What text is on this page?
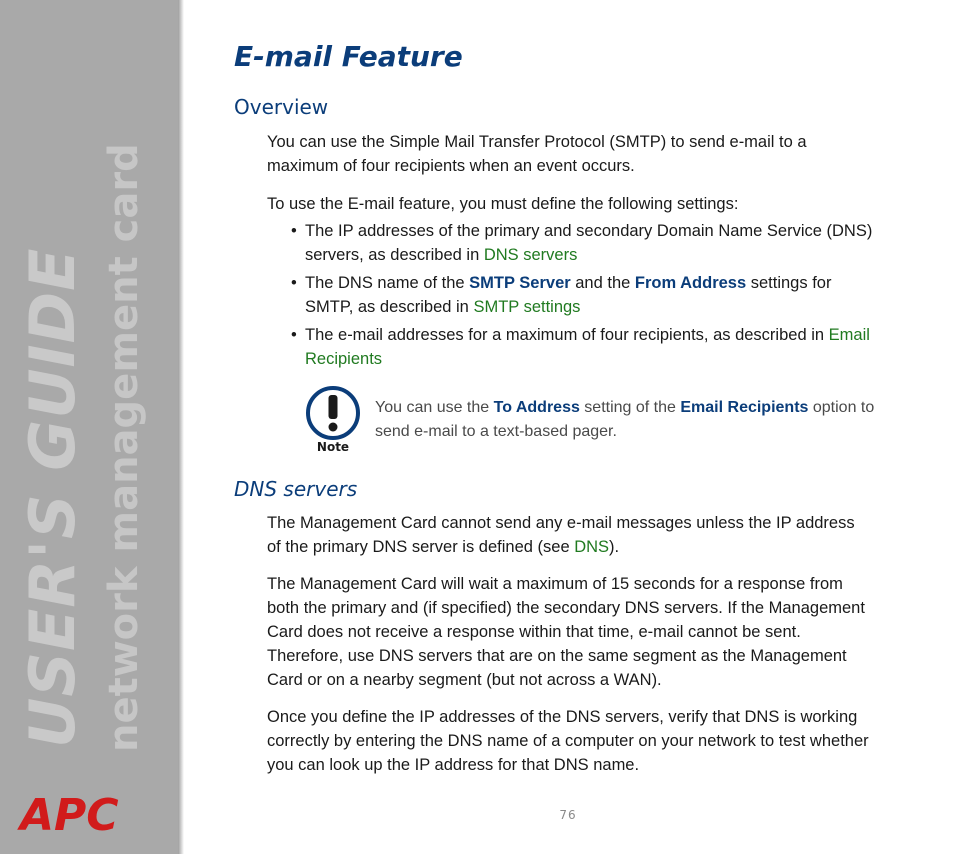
USER'S GUIDE network management card
APC
E-mail Feature
Overview

You can use the Simple Mail Transfer Protocol (SMTP) to send e-mail to a maximum of four recipients when an event occurs.

To use the E-mail feature, you must define the following settings:

• The IP addresses of the primary and secondary Domain Name Service (DNS) servers, as described in DNS servers
• The DNS name of the SMTP Server and the From Address settings for SMTP, as described in SMTP settings
• The e-mail addresses for a maximum of four recipients, as described in Email Recipients
Note
You can use the To Address setting of the Email Recipients option to send e-mail to a text-based pager.
DNS servers

The Management Card cannot send any e-mail messages unless the IP address of the primary DNS server is defined (see DNS).

The Management Card will wait a maximum of 15 seconds for a response from both the primary and (if specified) the secondary DNS servers. If the Management Card does not receive a response within that time, e-mail cannot be sent. Therefore, use DNS servers that are on the same segment as the Management Card or on a nearby segment (but not across a WAN).

Once you define the IP addresses of the DNS servers, verify that DNS is working correctly by entering the DNS name of a computer on your network to test whether you can look up the IP address for that DNS name.

76
